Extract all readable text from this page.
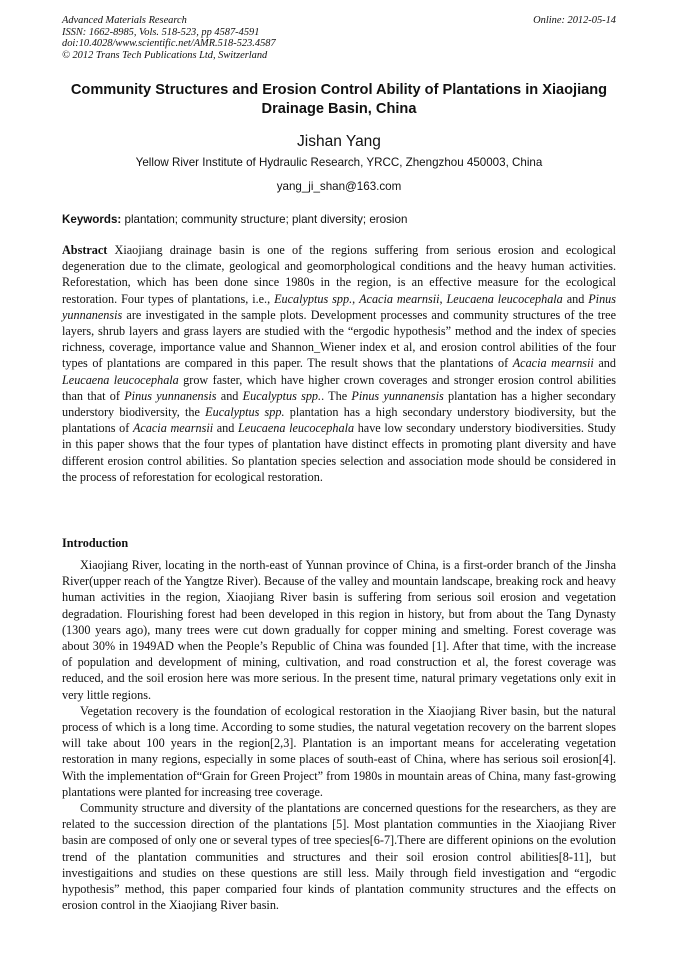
Advanced Materials Research
ISSN: 1662-8985, Vols. 518-523, pp 4587-4591
doi:10.4028/www.scientific.net/AMR.518-523.4587
© 2012 Trans Tech Publications Ltd, Switzerland
Online: 2012-05-14
Community Structures and Erosion Control Ability of Plantations in Xiaojiang Drainage Basin, China
Jishan Yang
Yellow River Institute of Hydraulic Research, YRCC, Zhengzhou 450003, China
yang_ji_shan@163.com
Keywords: plantation; community structure; plant diversity; erosion
Abstract Xiaojiang drainage basin is one of the regions suffering from serious erosion and ecological degeneration due to the climate, geological and geomorphological conditions and the heavy human activities. Reforestation, which has been done since 1980s in the region, is an effective measure for the ecological restoration. Four types of plantations, i.e., Eucalyptus spp., Acacia mearnsii, Leucaena leucocephala and Pinus yunnanensis are investigated in the sample plots. Development processes and community structures of the tree layers, shrub layers and grass layers are studied with the “ergodic hypothesis” method and the index of species richness, coverage, importance value and Shannon_Wiener index et al, and erosion control abilities of the four types of plantations are compared in this paper. The result shows that the plantations of Acacia mearnsii and Leucaena leucocephala grow faster, which have higher crown coverages and stronger erosion control abilities than that of Pinus yunnanensis and Eucalyptus spp.. The Pinus yunnanensis plantation has a higher secondary understory biodiversity, the Eucalyptus spp. plantation has a high secondary understory biodiversity, but the plantations of Acacia mearnsii and Leucaena leucocephala have low secondary understory biodiversities. Study in this paper shows that the four types of plantation have distinct effects in promoting plant diversity and have different erosion control abilities. So plantation species selection and association mode should be considered in the process of reforestation for ecological restoration.
Introduction

Xiaojiang River, locating in the north-east of Yunnan province of China, is a first-order branch of the Jinsha River(upper reach of the Yangtze River). Because of the valley and mountain landscape, breaking rock and heavy human activities in the region, Xiaojiang River basin is suffering from serious soil erosion and vegetation degradation. Flourishing forest had been developed in this region in history, but from about the Tang Dynasty (1300 years ago), many trees were cut down gradually for copper mining and smelting. Forest coverage was about 30% in 1949AD when the People’s Republic of China was founded [1]. After that time, with the increase of population and development of mining, cultivation, and road construction et al, the forest coverage was reduced, and the soil erosion here was more serious. In the present time, natural primary vegetations only exit in very little regions.

Vegetation recovery is the foundation of ecological restoration in the Xiaojiang River basin, but the natural process of which is a long time. According to some studies, the natural vegetation recovery on the barrent slopes will take about 100 years in the region[2,3]. Plantation is an important means for accelerating vegetation restoration in many regions, especially in some places of south-east of China, where has serious soil erosion[4]. With the implementation of“Grain for Green Project” from 1980s in mountain areas of China, many fast-growing plantations were planted for increasing tree coverage.

Community structure and diversity of the plantations are concerned questions for the researchers, as they are related to the succession direction of the plantations [5]. Most plantation communties in the Xiaojiang River basin are composed of only one or several types of tree species[6-7].There are different opinions on the evolution trend of the plantation communities and structures and their soil erosion control abilities[8-11], but investigaitions and studies on these questions are still less. Maily through field investigation and “ergodic hypothesis” method, this paper comparied four kinds of plantation community structures and the effects on erosion control in the Xiaojiang River basin.
